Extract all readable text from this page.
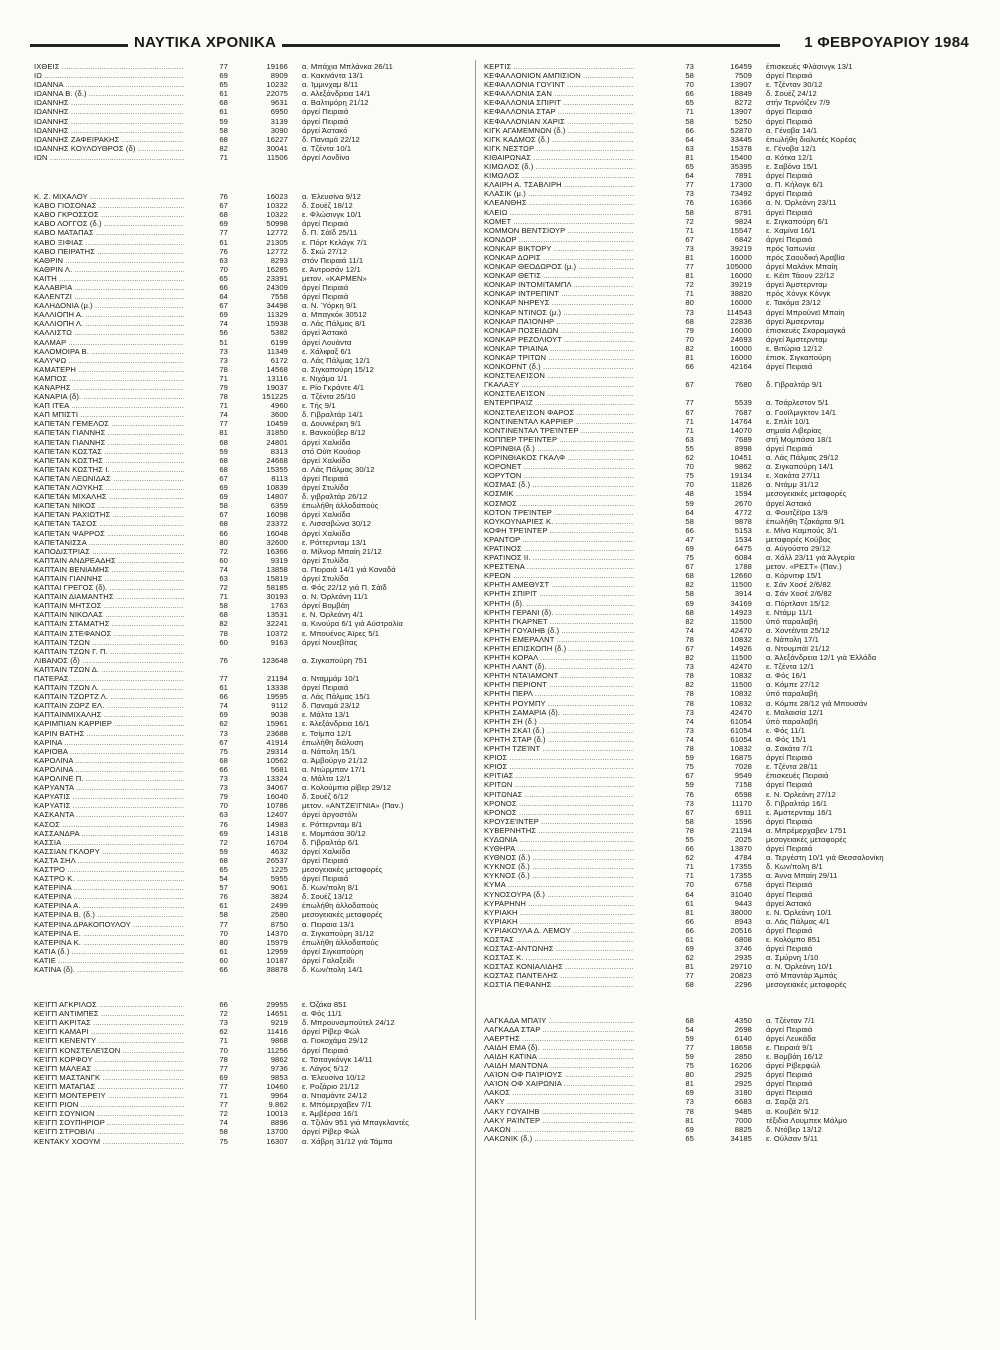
ΝΑΥΤΙΚΑ ΧΡΟΝΙΚΑ	1 ΦΕΒΡΟΥΑΡΙΟΥ 1984
ΙΧΘΕΙΣ .....	77	19166 α. Μπάχια Μπλάνκα 26/11
ΙΩ .....	69	8909 α. Κακινάντα 13/1
ΙΩΑΝΝΑ .....	65	10232 α. Ίμμινχαμ 8/11
ΙΩΑΝΝΑ Β. (δ.) .....	61	22075 α. Αλεξάνδρεια 14/1
ΙΩΑΝΝΗΣ .....	68	9631 α. Βαλτιμόρη 21/12
ΙΩΑΝΝΗΣ .....	61	6950 άργεί Πειραιά
ΙΩΑΝΝΗΣ .....	59	3139 άργεί Πειραιά
ΙΩΑΝΝΗΣ .....	58	3090 άργεί Άστακό
ΙΩΑΝΝΗΣ ΖΑΦΕΙΡΑΚΗΣ .....	68	16227 δ. Παναμά 22/12
ΙΩΑΝΝΗΣ ΚΟΥΛΟΥΘΡΟΣ (δ) .....	82	30041 α. Τζέντα 10/1
ΙΩΝ .....	71	11506 άργεί Λονδίνο
Κ. Ζ. ΜΙΧΑΛΟΥ .....	76	16023 α. Έλευσίνα 9/12
ΚΑΒΟ ΓΙΟΣΟΝΑΣ .....	67	10322 δ. Σουέζ 18/12
ΚΑΒΟ ΓΚΡΟΣΣΟΣ .....	68	10322 ε. Φλώσινγκ 10/1
ΚΑΒΟ ΛΟΓΓΟΣ (δ.) .....	69	50998 άργεί Πειραιά
ΚΑΒΟ ΜΑΤΑΠΑΣ .....	77	12772 δ. Π. Σάϊδ 25/11
ΚΑΒΟ ΞΙΦΙΑΣ .....	61	21305 ε. Πόρτ Κελάγκ 7/1
ΚΑΒΟ ΠΕΙΡΑΤΗΣ .....	76	12772 δ. Σκώ 27/12
ΚΑΘΡΙΝ .....	63	8293 στόν Πειραιά 11/1
ΚΑΘΡΙΝ Λ. .....	70	16285 ε. Άντροσάν 12/1
ΚΑΙΤΗ .....	65	23391 μετον. «ΚΑΡΜΕΝ»
ΚΑΛΑΒΡΙΑ .....	66	24309 άργεί Πειραιά
ΚΑΛΕΝΤΖΙ .....	64	7558 άργεί Πειραιά
ΚΑΛΗΔΟΝΙΑ (μ.) .....	67	34498 α. Ν. Ύόρκη 9/1
ΚΑΛΛΙΟΠΗ Α. .....	69	11329 α. Μπαγκόκ 30512
ΚΑΛΛΙΟΠΗ Λ. .....	74	15938 α. Λάς Πάλμας 8/1
ΚΑΛΛΙΣΤΩ .....	56	5382 άργεί Άστακό
ΚΑΛΜΑΡ .....	51	6199 άργεί Λουάντα
ΚΑΛΟΜΟΙΡΑ Β. .....	73	11349 ε. Χάλιφαξ 6/1
ΚΑΛΥΨΩ .....	73	6172 α. Λάς Πάλμας 12/1
ΚΑΜΑΤΕΡΗ .....	78	14568 α. Σιγκαπούρη 15/12
ΚΑΜΠΟΣ .....	71	13116 ε. Νιχάμα 1/1
ΚΑΝΑΡΗΣ .....	79	19037 ε. Ρίο Γκράντε 4/1
ΚΑΝΑΡΙΑ (δ). .....	78	151225 α. Τζέντα 25/10
ΚΑΠ ΙΤΕΑ .....	71	4960 ε. Τής 9/1
ΚΑΠ ΜΠΙΣΤΙ .....	74	3600 δ. Γιβραλτάρ 14/1
ΚΑΠΕΤΑΝ ΓΕΜΕΛΟΣ .....	77	10459 α. Δουνκέρκη 9/1
ΚΑΠΕΤΑΝ ΓΙΑΝΝΗΣ .....	81	31850 ε. Βανκούβερ 8/12
ΚΑΠΕΤΑΝ ΓΙΑΝΝΗΣ .....	68	24801 άργεί Χαλκίδα
ΚΑΠΕΤΑΝ ΚΩΣΤΑΣ .....	59	8313 στό Ούϊτ Κουάορ
ΚΑΠΕΤΑΝ ΚΩΣΤΗΣ .....	68	24668 άργεί Χαλκίδα
ΚΑΠΕΤΑΝ ΚΩΣΤΗΣ Ι. .....	68	15355 α. Λάς Πάλμας 30/12
ΚΑΠΕΤΑΝ ΛΕΩΝΙΔΑΣ .....	67	8113 άργεί Πειραιά
ΚΑΠΕΤΑΝ ΛΟΥΚΗΣ .....	69	10839 άργεί Στυλίδα
ΚΑΠΕΤΑΝ ΜΙΧΑΛΗΣ .....	69	14807 δ. γιβραλτάρ 26/12
ΚΑΠΕΤΑΝ ΝΙΚΟΣ .....	58	6359 έπωλήθη άλλοδαπούς
ΚΑΠΕΤΑΝ ΡΑΧΙΩΤΗΣ .....	67	16098 άργεί Χαλκίδα
ΚΑΠΕΤΑΝ ΤΑΣΟΣ .....	68	23372 ε. Λισσαβώνα 30/12
ΚΑΠΕΤΑΝ ΨΑΡΡΟΣ .....	66	16048 άργεί Χαλκίδα
ΚΑΠΕΤΑΝΙΣΣΑ .....	80	32600 ε. Ρόττερνταμ 13/1
ΚΑΠΟΔΙΣΤΡΙΑΣ .....	72	16366 α. Μίλνορ Μπαίη 21/12
ΚΑΠΤΑΙΝ ΑΝΔΡΕΑΔΗΣ .....	60	9319 άργεί Στυλίδα
ΚΑΠΤΑΙΝ ΒΕΝΙΑΜΗΣ .....	74	13858 α. Πειραιά 14/1 γιά Καναδά
ΚΑΠΤΑΙΝ ΓΙΑΝΝΗΣ .....	63	15819 άργεί Στυλίδα
ΚΑΠΤΑΙ ΓΡΕΓΟΣ (δ). .....	72	58185 α. Φός 22/12 γιά Π. Σάϊδ
ΚΑΠΤΑΙΝ ΔΙΑΜΑΝΤΗΣ .....	71	30193 α. Ν. Όρλεάνη 11/1
ΚΑΠΤΑΙΝ ΜΗΤΣΟΣ .....	58	1763 άργεί Βομβάη
ΚΑΠΤΑΙΝ ΝΙΚΟΛΑΣ .....	68	13531 ε. Ν. Όρλεάνη 4/1
ΚΑΠΤΑΙΝ ΣΤΑΜΑΤΗΣ .....	82	32241 α. Κινούρα 6/1 γιά Αύστραλία
ΚΑΠΤΑΙΝ ΣΤΕΦΑΝΟΣ .....	78	10372 ε. Μπουένος Άϊρες 5/1
ΚΑΠΤΑΙΝ ΤΖΩΝ .....	60	9163 άργεί Νουεβίτας
ΚΑΠΤΑΙΝ ΤΖΩΝ Γ. Π. .....
ΛΙΒΑΝΟΣ (δ) .....	76	123648 α. Σιγκαπούρη 751
ΚΑΠΤΑΙΝ ΤΖΩΝ Δ. .....
ΠΑΤΕΡΑΣ .....	77	21194 α. Νταμμάμ 10/1
ΚΑΠΤΑΙΝ ΤΖΩΝ Λ. .....	61	13338 άργεί Πειραιά
ΚΑΠΤΑΙΝ ΤΖΩΡΤΖ Λ. .....	66	19595 α. Λάς Πάλμας 15/1
ΚΑΠΤΑΙΝ ΖΩΡΖ ΕΛ. .....	74	9112 δ. Παναμά 23/12
ΚΑΠΤΑΙΝΜΙΧΑΛΗΣ .....	69	9038 ε. Μάλτα 13/1
ΚΑΡΙΜΠΙΑΝ ΚΑΡΡΙΕΡ .....	62	15961 ε. Άλεξάνδρεια 16/1
ΚΑΡΙΝ ΒΑΤΗΣ .....	73	23688 ε. Τσίμπα 12/1
ΚΑΡΙΝΑ .....	67	41914 έπωλήθη διάλυση
ΚΑΡΙΟΒΑ .....	75	29314 α. Νάπολη 15/1
ΚΑΡΟΛΙΝΑ .....	68	10562 α. Άμβούργο 21/12
ΚΑΡΟΛΙΝΑ .....	66	5681 α. Ντώρμπαν 17/1
ΚΑΡΟΛΙΝΕ Π. .....	73	13324 α. Μάλτα 12/1
ΚΑΡΥΑΝΤΑ .....	73	34067 α. Κολούμπια ρίβερ 29/12
ΚΑΡΥΑΤΙΣ .....	79	16040 δ. Σουέζ 6/12
ΚΑΡΥΑΤΙΣ .....	70	10786 μετον. «ΑΝΤΖΕΊΓΝΙΑ» (Παν.)
ΚΑΣΚΑΝΤΑ .....	63	12407 άργεί άργοστόλι
ΚΑΣΟΣ .....	76	14983 ε. Ρόττερνταμ 8/1
ΚΑΣΣΑΝΔΡΑ .....	69	14318 ε. Μομπάσα 30/12
ΚΑΣΣΙΑ .....	72	16704 δ. Γιβραλτάρ 6/1
ΚΑΣΣΙΑΝ ΓΚΛΟΡΥ .....	59	4632 άργεί Χαλκίδα
ΚΑΣΤΑ ΣΗΛ .....	68	26537 άργεί Πειραιά
ΚΑΣΤΡΟ .....	65	1225 μεσογειακές μεταφορές
ΚΑΣΤΡΟ Κ. .....	54	5955 άργεί Πειραιά
ΚΑΤΕΡΙΝΑ .....	57	9061 δ. Κων/πολη 8/1
ΚΑΤΕΡΙΝΑ .....	76	3824 δ. Σουέζ 13/12
ΚΑΤΕΡΙΝΑ Α. .....	61	2499 έπωλήθη άλλοδαπούς
ΚΑΤΕΡΙΝΑ Β. (δ.) .....	58	2580 μεσογειακές μεταφορές
ΚΑΤΕΡΙΝΑ ΔΡΑΚΟΠΟΥΛΟΥ .....	77	8750 α. Πειραια 13/1
ΚΑΤΕΡΙΝΑ Ε. .....	70	14370 α. Σιγκαπούρη 31/12
ΚΑΤΕΡΙΝΑ Κ. .....	80	15979 έπωλήθη άλλοδαπούς
ΚΑΤΙΑ (δ.) .....	61	12959 άργεί Σιγκαπούρη
ΚΑΤΙΕ .....	60	10187 άργεί Γαλαξείδι
ΚΑΤΙΝΑ (δ). .....	66	38878 δ. Κων/πολη 14/1
ΚΕΊΓΠ ΑΓΚΡΙΛΟΣ .....	66	29955 ε. Όζάκα 851
ΚΕΊΓΠ ΑΝΤΙΜΠΕΣ .....	72	14651 α. Φός 11/1
ΚΕΊΓΠ ΑΚΡΙΤΑΣ .....	73	9219 δ. Μπρουνσμπούτελ 24/12
ΚΕΊΓΠ ΚΑΜΑΡΙ .....	62	11416 άργεί Ρίβερ Φώλ
ΚΕΊΓΠ ΚΕΝΕΝΤΥ .....	71	9868 α. Γιοκοχάμα 29/12
ΚΕΊΓΠ ΚΟΝΣΤΕΛΕΊΣΟΝ .....	70	11256 άργεί Πειραιά
ΚΕΊΓΠ ΚΟΡΦΟΥ .....	78	9862 ε. Τσιταγκόνγκ 14/11
ΚΕΊΓΠ ΜΑΛΕΑΣ .....	77	9736 ε. Λάγος 5/12
ΚΕΊΓΠ ΜΑΣΤΑΝΓΚ .....	69	9853 α. Έλευσίνα 10/12
ΚΕΊΓΠ ΜΑΤΑΠΑΣ .....	77	10460 ε. Ροζάριο 21/12
ΚΕΊΓΠ ΜΟΝΤΕΡΕΊΥ .....	71	9964 α. Ντιαμάντε 24/12
ΚΕΊΓΠ ΡΙΟΝ .....	77	9.862 ε. Μπόμερχαβεν 7/1
ΚΕΊΓΠ ΣΟΥΝΙΟΝ .....	72	10013 ε. Άμβέρσα 16/1
ΚΕΊΓΠ ΣΟΥΠΗΡΙΟΡ .....	74	8896 α. Τζιλάν 951 γιά Μπαγκλαντές
ΚΕΊΓΠ ΣΤΡΟΒΙΛΙ .....	58	13700 άργεί Ρίβερ Φώλ
ΚΕΝΤΑΚΥ ΧΟΟΥΜ .....	75	16307 α. Χάβρη 31/12 γιά Τάμπα
ΚΕΡΤΙΣ .....	73	16459 έπισκευές Φλάσινγκ 13/1
ΚΕΦΑΛΛΟΝΙΟΝ ΑΜΠΙΣΙΟΝ .....	58	7509 άργεί Πειραιά
ΚΕΦΑΛΛΟΝΙΑ ΓΟΥΊΝΤ .....	70	13907 ε. Τζένταν 30/12
ΚΕΦΑΛΛΟΝΙΑ ΣΑΝ .....	66	18849 δ. Σουέζ 24/12
ΚΕΦΑΛΛΟΝΙΑ ΣΠΙΡΙΤ .....	65	8272 στήν Τερνόϊζεν 7/9
ΚΕΦΑΛΛΟΝΙΑ ΣΤΑΡ .....	71	13907 άργεί Πειραιά
ΚΕΦΑΛΛΟΝΙΑΝ ΧΑΡΙΣ .....	58	5250 άργεί Πειραιά
ΚΙΓΚ ΑΓΑΜΕΜΝΩΝ (δ.) .....	66	52870 α. Γένοβα 14/1
ΚΙΓΚ ΚΑΔΜΟΣ (δ.) .....	64	33445 έπωλήθη διαλυτές Κορέας
ΚΙΓΚ ΝΕΣΤΩΡ .....	63	15378 ε. Γένοβα 12/1
ΚΙΘΑΙΡΩΝΑΣ .....	81	15400 α. Κότκα 12/1
ΚΙΜΩΛΟΣ (δ.) .....	65	35395 ε. Σαβόνα 15/1
ΚΙΜΩΛΟΣ .....	64	7891 άργεί Πειραιά
ΚΛΑΙΡΗ Α. ΤΣΑΒΛΙΡΗ .....	77	17300 α. Π. Κήλογκ 6/1
ΚΛΑΣΙΚ (μ.) .....	73	73492 άργεί Πειραιά
ΚΛΕΑΝΘΗΣ .....	76	16366 α. Ν. Όρλεάνη 23/11
ΚΛΕΙΩ .....	58	8791 άργεί Πειραιά
ΚΟΜΕΤ .....	72	9824 ε. Σιγκαπούρη 6/1
ΚΟΜΜΟΝ ΒΕΝΤΣΙΟΥΡ .....	71	15547 ε. Χαμίνα 16/1
ΚΟΝΔΟΡ .....	67	6842 άργεί Πειραιά
ΚΟΝΚΑΡ ΒΙΚΤΟΡΥ .....	73	39219 πρός Ίαπωνία
ΚΟΝΚΑΡ ΔΩΡΙΣ .....	81	16000 πρός Σαουδική Άραβία
ΚΟΝΚΑΡ ΘΕΟΔΩΡΟΣ (μ.) .....	77	105000 άργεί Μαλάνκ Μπαίη
ΚΟΝΚΑΡ ΘΕΤΙΣ .....	81	16000 ε. Κέϊπ Τάουν 22/12
ΚΟΝΚΑΡ ΙΝΤΟΜΙΤΑΜΠΛ .....	72	39219 άργεί Άμστερνταμ
ΚΟΝΚΑΡ ΙΝΤΡΕΠΙΝΤ .....	71	38820 πρός Χόνγκ Κόνγκ
ΚΟΝΚΑΡ ΝΗΡΕΥΣ .....	80	16000 ε. Τακόμα 23/12
ΚΟΝΚΑΡ ΝΤΙΝΟΣ (μ.) .....	73	114543 άργεί Μπρούνεϊ Μπαίη
ΚΟΝΚΑΡ ΠΑΊΟΝΗΡ .....	68	22836 άργεί Άμσερνταμ
ΚΟΝΚΑΡ ΠΟΣΕΙΔΩΝ .....	79	16000 έπισκευές Σκαραμαγκά
ΚΟΝΚΑΡ ΡΕΖΟΛΙΟΥΤ .....	70	24693 άργεί Άμστερνταμ
ΚΟΝΚΑΡ ΤΡΙΑΙΝΑ .....	82	16000 ε. Βιτώρια 12/12
ΚΟΝΚΑΡ ΤΡΙΤΩΝ .....	81	16000 έπισκ. Σιγκαπούρη
ΚΟΝΚΟΡΝΤ (δ.) .....	66	42164 άργεί Πειραιά
ΚΟΝΣΤΕΛΕΊΣΟΝ .....
ΓΚΑΛΑΞΥ .....	67	7680 δ. Γιβραλτάρ 9/1
ΚΟΝΣΤΕΛΕΊΣΟΝ .....
ΕΝΤΕΡΠΡΑΊΖ .....	77	5539 α. Τσάρλεστον 5/1
ΚΟΝΣΤΕΛΕΊΣΟΝ ΦΑΡΟΣ .....	67	7687 α. Γουϊλμιγκτον 14/1
ΚΟΝΤΙΝΕΝΤΑΛ ΚΑΡΡΙΕΡ .....	71	14764 ε. Σπλίτ 10/1
ΚΟΝΤΙΝΕΝΤΑΛ ΤΡΕΊΝΤΕΡ .....	71	14070 σημαία Λιβερίας
ΚΟΠΠΕΡ ΤΡΕΊΝΤΕΡ .....	63	7689 στή Μομπάσα 18/1
ΚΟΡΙΝΘΙΑ (δ.) .....	55	8998 άργεί Πειραιά
ΚΟΡΙΝΘΙΑΚΟΣ ΓΚΑΛΦ .....	62	10451 α. Λάς Πάλμας 29/12
ΚΟΡΟΝΕΤ .....	70	9862 α. Σιγκαπούρη 14/1
ΚΟΡΥΤΟΝ .....	75	19134 ε. Χακάτα 27/11
ΚΟΣΜΑΣ (δ.) .....	70	11826 α. Ντάμμ 31/12
ΚΟΣΜΙΚ .....	48	1594 μεσογειακές μεταφορές
ΚΟΣΜΟΣ .....	59	2670 άργεί Άστακό
ΚΟΤΟΝ ΤΡΕΊΝΤΕΡ .....	64	4772 α. Φουτζέϊρα 13/9
ΚΟΥΚΟΥΝΑΡΙΕΣ Κ. .....	58	9878 έπωλήθη Τζακάρτα 9/1
ΚΟΦΗ ΤΡΕΊΝΤΕΡ .....	66	5153 ε. Μίνα Καμπούς 3/1
ΚΡΑΝΤΟΡ .....	47	1534 μεταφορές Κούβας
ΚΡΑΤΙΝΟΣ .....	69	6475 α. Αύγούστα 29/12
ΚΡΑΤΙΝΟΣ ΙΙ. .....	75	6084 α. Χάλλ 23/11 γιά Άλγερία
ΚΡΕΣΤΕΝΑ .....	67	1788 μετον. «ΡΕΣΤ» (Παν.)
ΚΡΕΩΝ .....	68	12660 α. Κόρνιτιφ 15/1
ΚΡΗΤΗ ΑΜΕΘΥΣΤ .....	82	11500 ε. Σάν Χοσέ 2/6/82
ΚΡΗΤΗ ΣΠΙΡΙΤ .....	58	3914 α. Σάν Χοσέ 2/6/82
ΚΡΗΤΗ (δ). .....	69	34169 α. Πόρτλαντ 15/12
ΚΡΗΤΗ ΓΕΡΑΝΙ (δ). .....	68	14923 ε. Ντάμμ 11/1
ΚΡΗΤΗ ΓΚΑΡΝΕΤ .....	82	11500 ύπό παραλαβή
ΚΡΗΤΗ ΓΟΥΑΙΗΒ (δ.) .....	74	42470 α. Χοντέϊντα 25/12
ΚΡΗΤΗ ΕΜΕΡΑΛΝΤ .....	78	10832 ε. Νάπολη 17/1
ΚΡΗΤΗ ΕΠΙΣΚΟΠΗ (δ.) .....	67	14926 α. Ντουμπάϊ 21/12
ΚΡΗΤΗ ΚΟΡΑΛ .....	82	11500 α. Άλεξάνδρεια 12/1 γιά Έλλάδα
ΚΡΗΤΗ ΛΑΝΤ (δ). .....	73	42470 ε. Τζέντα 12/1
ΚΡΗΤΗ ΝΤΑΊΑΜΟΝΤ .....	78	10832 α. Φός 16/1
ΚΡΗΤΗ ΠΕΡΙΟΝΤ .....	82	11500 α. Κόμπε 27/12
ΚΡΗΤΗ ΠΕΡΛ .....	78	10832 ύπό παραλαβή
ΚΡΗΤΗ ΡΟΥΜΠΥ .....	78	10832 α. Κόμπε 28/12 γιά Μπουσάν
ΚΡΗΤΗ ΣΑΜΑΡΙΑ (δ). .....	73	42470 ε. Μαλαισία 12/1
ΚΡΗΤΗ ΣΗ (δ.) .....	74	61054 ύπό παραλαβή
ΚΡΗΤΗ ΣΚΑΊ (δ.) .....	73	61054 ε. Φός 11/1
ΚΡΗΤΗ ΣΤΑΡ (δ.) .....	74	61054 α. Φός 15/1
ΚΡΗΤΗ ΤΖΕΊΝΤ .....	78	10832 α. Σακάτα 7/1
ΚΡΙΟΣ .....	59	16875 άργεί Πειραιά
ΚΡΙΟΣ .....	75	7028 ε. Τζέντα 28/11
ΚΡΙΤΙΑΣ .....	67	9549 έπισκευές Πειραιά
ΚΡΙΤΩΝ .....	59	7158 άργεί Πειραιά
ΚΡΙΤΩΝΑΣ .....	76	6598 ε. Ν. Όρλεάνη 27/12
ΚΡΟΝΟΣ .....	73	11170 δ. Γιβραλτάρ 16/1
ΚΡΟΝΟΣ .....	67	6911 ε. Άμστερνταμ 16/1
ΚΡΟΥΣΕΊΝΤΕΡ .....	58	1596 άργεί Πειραιά
ΚΥΒΕΡΝΗΤΗΣ .....	78	21194 α. Μπρέμερχαβεν 1751
ΚΥΔΩΝΙΑ .....	55	2025 μεσογειακές μεταφορές
ΚΥΘΗΡΑ .....	66	13870 άργεί Πειραιά
ΚΥΘΝΟΣ (δ.) .....	62	4784 α. Τεργέστη 10/1 γιά Θεσσαλονίκη
ΚΥΚΝΟΣ (δ.) .....	71	17355 δ. Κων/πολη 8/1
ΚΥΚΝΟΣ (δ.) .....	71	17355 α. Άννα Μπαίη 29/11
ΚΥΜΑ .....	70	6758 άργεί Πειραιά
ΚΥΝΟΣΟΥΡΑ (δ.) .....	64	31040 άργεί Πειραιά
ΚΥΡΑΡΗΝΗ .....	61	9443 άργεί Άστακό
ΚΥΡΙΑΚΗ .....	81	38000 ε. Ν. Όρλεάνη 10/1
ΚΥΡΙΑΚΗ .....	66	8943 α. Λάς Πάλμας 4/1
ΚΥΡΙΑΚΟΥΛΑ Δ. ΛΕΜΟΥ .....	66	20516 άργεί Πειραιά
ΚΩΣΤΑΣ .....	61	6808 ε. Κολόμπο 851
ΚΩΣΤΑΣ-ΑΝΤΩΝΗΣ .....	69	3746 άργεί Πειραιά
ΚΩΣΤΑΣ Κ. .....	62	2935 α. Σμύρνη 1/10
ΚΩΣΤΑΣ ΚΟΝΙΑΛΙΔΗΣ .....	81	29710 α. Ν. Όρλεάνη 10/1
ΚΩΣΤΑΣ ΠΑΝΤΕΛΗΣ .....	77	20823 στό Μπαντάρ Άμπάς
ΚΩΣΤΙΑ ΠΕΦΑΝΗΣ .....	68	2296 μεσογειακές μεταφορές
ΛΑΓΚΑΔΑ ΜΠΑΊΥ .....	68	4350 α. Τζένταν 7/1
ΛΑΓΚΑΔΑ ΣΤΑΡ .....	54	2698 άργεί Πειραιά
ΛΑΕΡΤΗΣ .....	59	6140 άργεί Λευκάδα
ΛΑΙΔΗ ΕΜΑ (δ). .....	77	18658 ε. Πειραιά 9/1
ΛΑΙΔΗ ΚΑΤΙΝΑ .....	59	2850 ε. Βομβάη 16/12
ΛΑΙΔΗ ΜΑΝΤΟΝΑ .....	75	16206 άργεί Ρίβερφώλ
ΛΑΊΟΝ ΟΦ ΠΑΊΡΙΟΥΣ .....	80	2925 άργεί Πειραιά
ΛΑΊΟΝ ΟΦ ΧΑΙΡΩΝΙΑ .....	81	2925 άργεί Πειραιά
ΛΑΚΟΣ .....	69	3180 άργεί Πειραιά
ΛΑΚΥ .....	73	6683 α. Σαρζά 2/1
ΛΑΚΥ ΓΟΥΑΙΗΒ .....	78	9485 α. Κουβέϊτ 9/12
ΛΑΚΥ ΡΑΊΝΤΕΡ .....	81	7000 τέξιδια Λουμπεκ Μάλμο
ΛΑΚΩΝ .....	69	8825 δ. Ντόβερ 13/12
ΛΑΚΩΝΙΚ (δ.) .....	65	34185 ε. Ούλσαν 5/11
